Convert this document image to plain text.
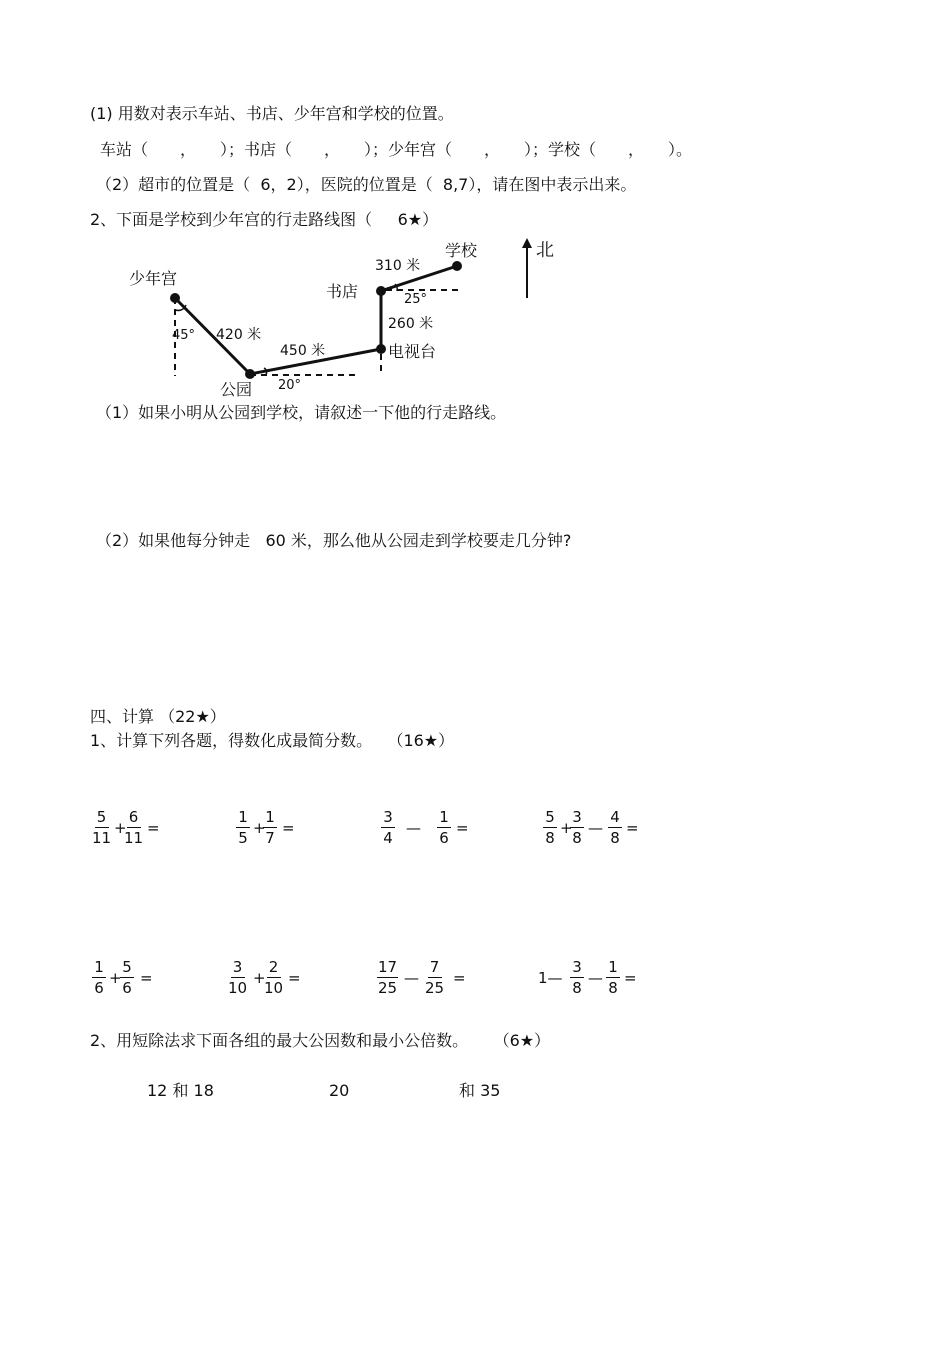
(1) 用数对表示车站、书店、少年宫和学校的位置。
车站（　　，　　）；书店（　　，　　）；少年宫（　　，　　）；学校（　　，　　）。
（2）超市的位置是（  6，2），医院的位置是（  8,7），请在图中表示出来。
2、下面是学校到少年宫的行走路线图（     6★）
北
学校
310 米
书店	25°
260 米
电视台
450 米
少年宫
45° 420 米
公园 20°
（1）如果小明从公园到学校，请叙述一下他的行走路线。
（2）如果他每分钟走   60 米，那么他从公园走到学校要走几分钟?
四、计算 （22★）
1、计算下列各题，得数化成最简分数。   （16★）
$\frac{5}{11}$ +
$\frac{6}{11}$ =	$\frac{1}{5}$ +
$\frac{1}{7}$ =	$\frac{3}{4}$ — $\frac{1}{6}$ =	$\frac{5}{8}$ +
$\frac{3}{8}$ — $\frac{4}{8}$ =
$\frac{1}{6}$ +
$\frac{5}{6}$ =	$\frac{3}{10}$ +
$\frac{2}{10}$ =	$\frac{17}{25}$ — $\frac{7}{25}$ =	1— $\frac{3}{8}$ — $\frac{1}{8}$ =
2、用短除法求下面各组的最大公因数和最小公倍数。     （6★）
12 和 18	20	和 35
